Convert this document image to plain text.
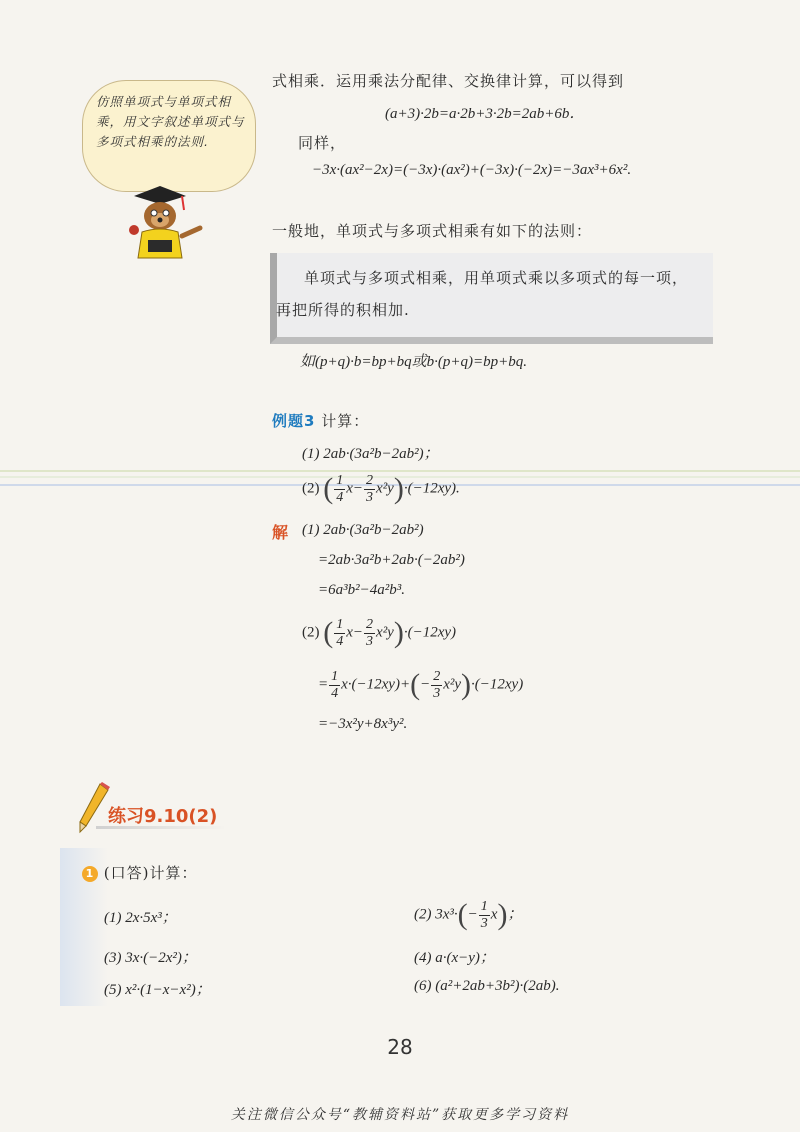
仿照单项式与单项式相乘，用文字叙述单项式与多项式相乘的法则.
式相乘．运用乘法分配律、交换律计算，可以得到
(a+3)·2b=a·2b+3·2b=2ab+6b．
同样，
−3x·(ax²−2x)=(−3x)·(ax²)+(−3x)·(−2x)=−3ax³+6x².
一般地，单项式与多项式相乘有如下的法则：
单项式与多项式相乘，用单项式乘以多项式的每一项，
再把所得的积相加.
如(p+q)·b=bp+bq或b·(p+q)=bp+bq.
例题3 计算：
(1) 2ab·(3a²b−2ab²)；
(2) ( $\frac{1}{4} x- \frac{2}{3} x^2y)\cdot(-12xy)$.
解 (1) 2ab·(3a²b−2ab²)
=2ab·3a²b+2ab·(−2ab²)
=6a³b²−4a²b³.
(2) ( $\frac{1}{4} x- \frac{2}{3} x^2y)\cdot(-12xy)$
= $\frac{1}{4} x\cdot(-12xy)+(- \frac{2}{3} x^2y)\cdot(-12xy)$
=−3x²y+8x³y².
练习9.10(2)
1 (口答)计算：
(1) 2x·5x³；	(2) $3x^3\cdot(- \frac{1}{3} x)$；
(3) 3x·(−2x²)；	(4) a·(x−y)；
(5) x²·(1−x−x²)；	(6) (a²+2ab+3b²)·(2ab).
28
关注微信公众号“教辅资料站”获取更多学习资料
